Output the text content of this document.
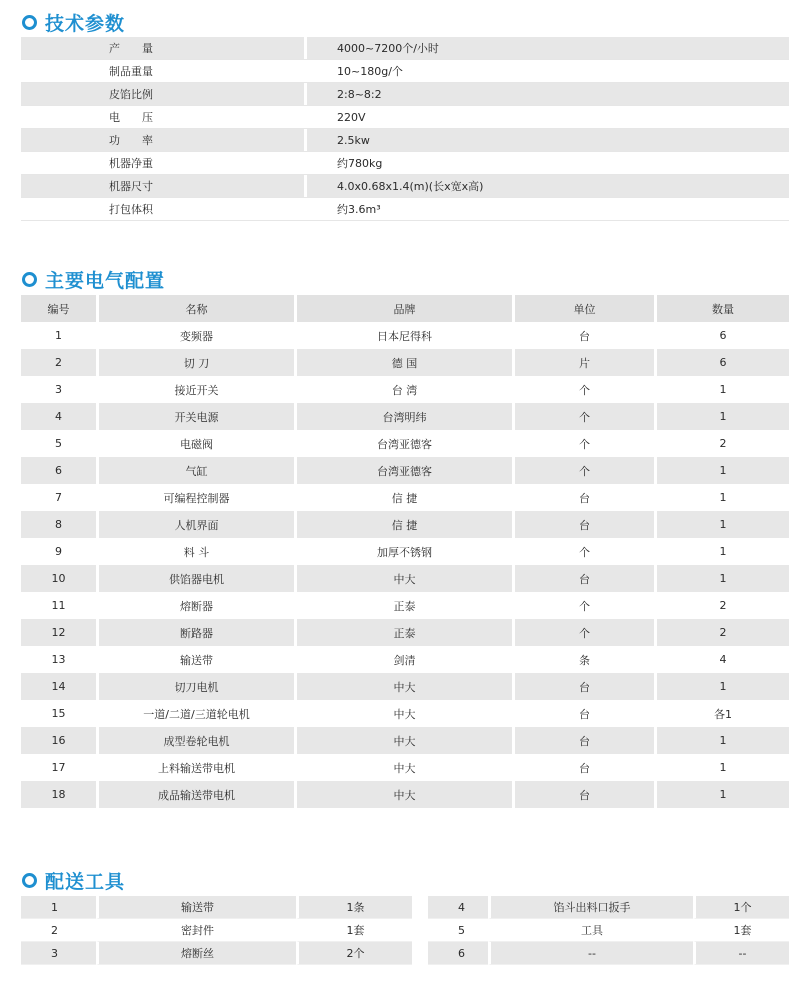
技术参数
	产　　量		4000~7200个/小时
	制品重量		10~180g/个
	皮馅比例		2:8~8:2
	电　　压		220V
	功　　率		2.5kw
	机器净重		约780kg
	机器尺寸		4.0x0.68x1.4(m)(长x宽x高)
	打包体积		约3.6m³
主要电气配置
编号	名称	品牌	单位	数量
1	变频器	日本尼得科	台	6
2	切 刀	德 国	片	6
3	接近开关	台 湾	个	1
4	开关电源	台湾明纬	个	1
5	电磁阀	台湾亚德客	个	2
6	气缸	台湾亚德客	个	1
7	可编程控制器	信 捷	台	1
8	人机界面	信 捷	台	1
9	料 斗	加厚不锈钢	个	1
10	供馅器电机	中大	台	1
11	熔断器	正泰	个	2
12	断路器	正泰	个	2
13	输送带	剑清	条	4
14	切刀电机	中大	台	1
15	一道/二道/三道轮电机	中大	台	各1
16	成型卷轮电机	中大	台	1
17	上料输送带电机	中大	台	1
18	成品输送带电机	中大	台	1
配送工具
1	输送带	1条
2	密封件	1套
3	熔断丝	2个
4	馅斗出料口扳手	1个
5	工具	1套
6	--	--
